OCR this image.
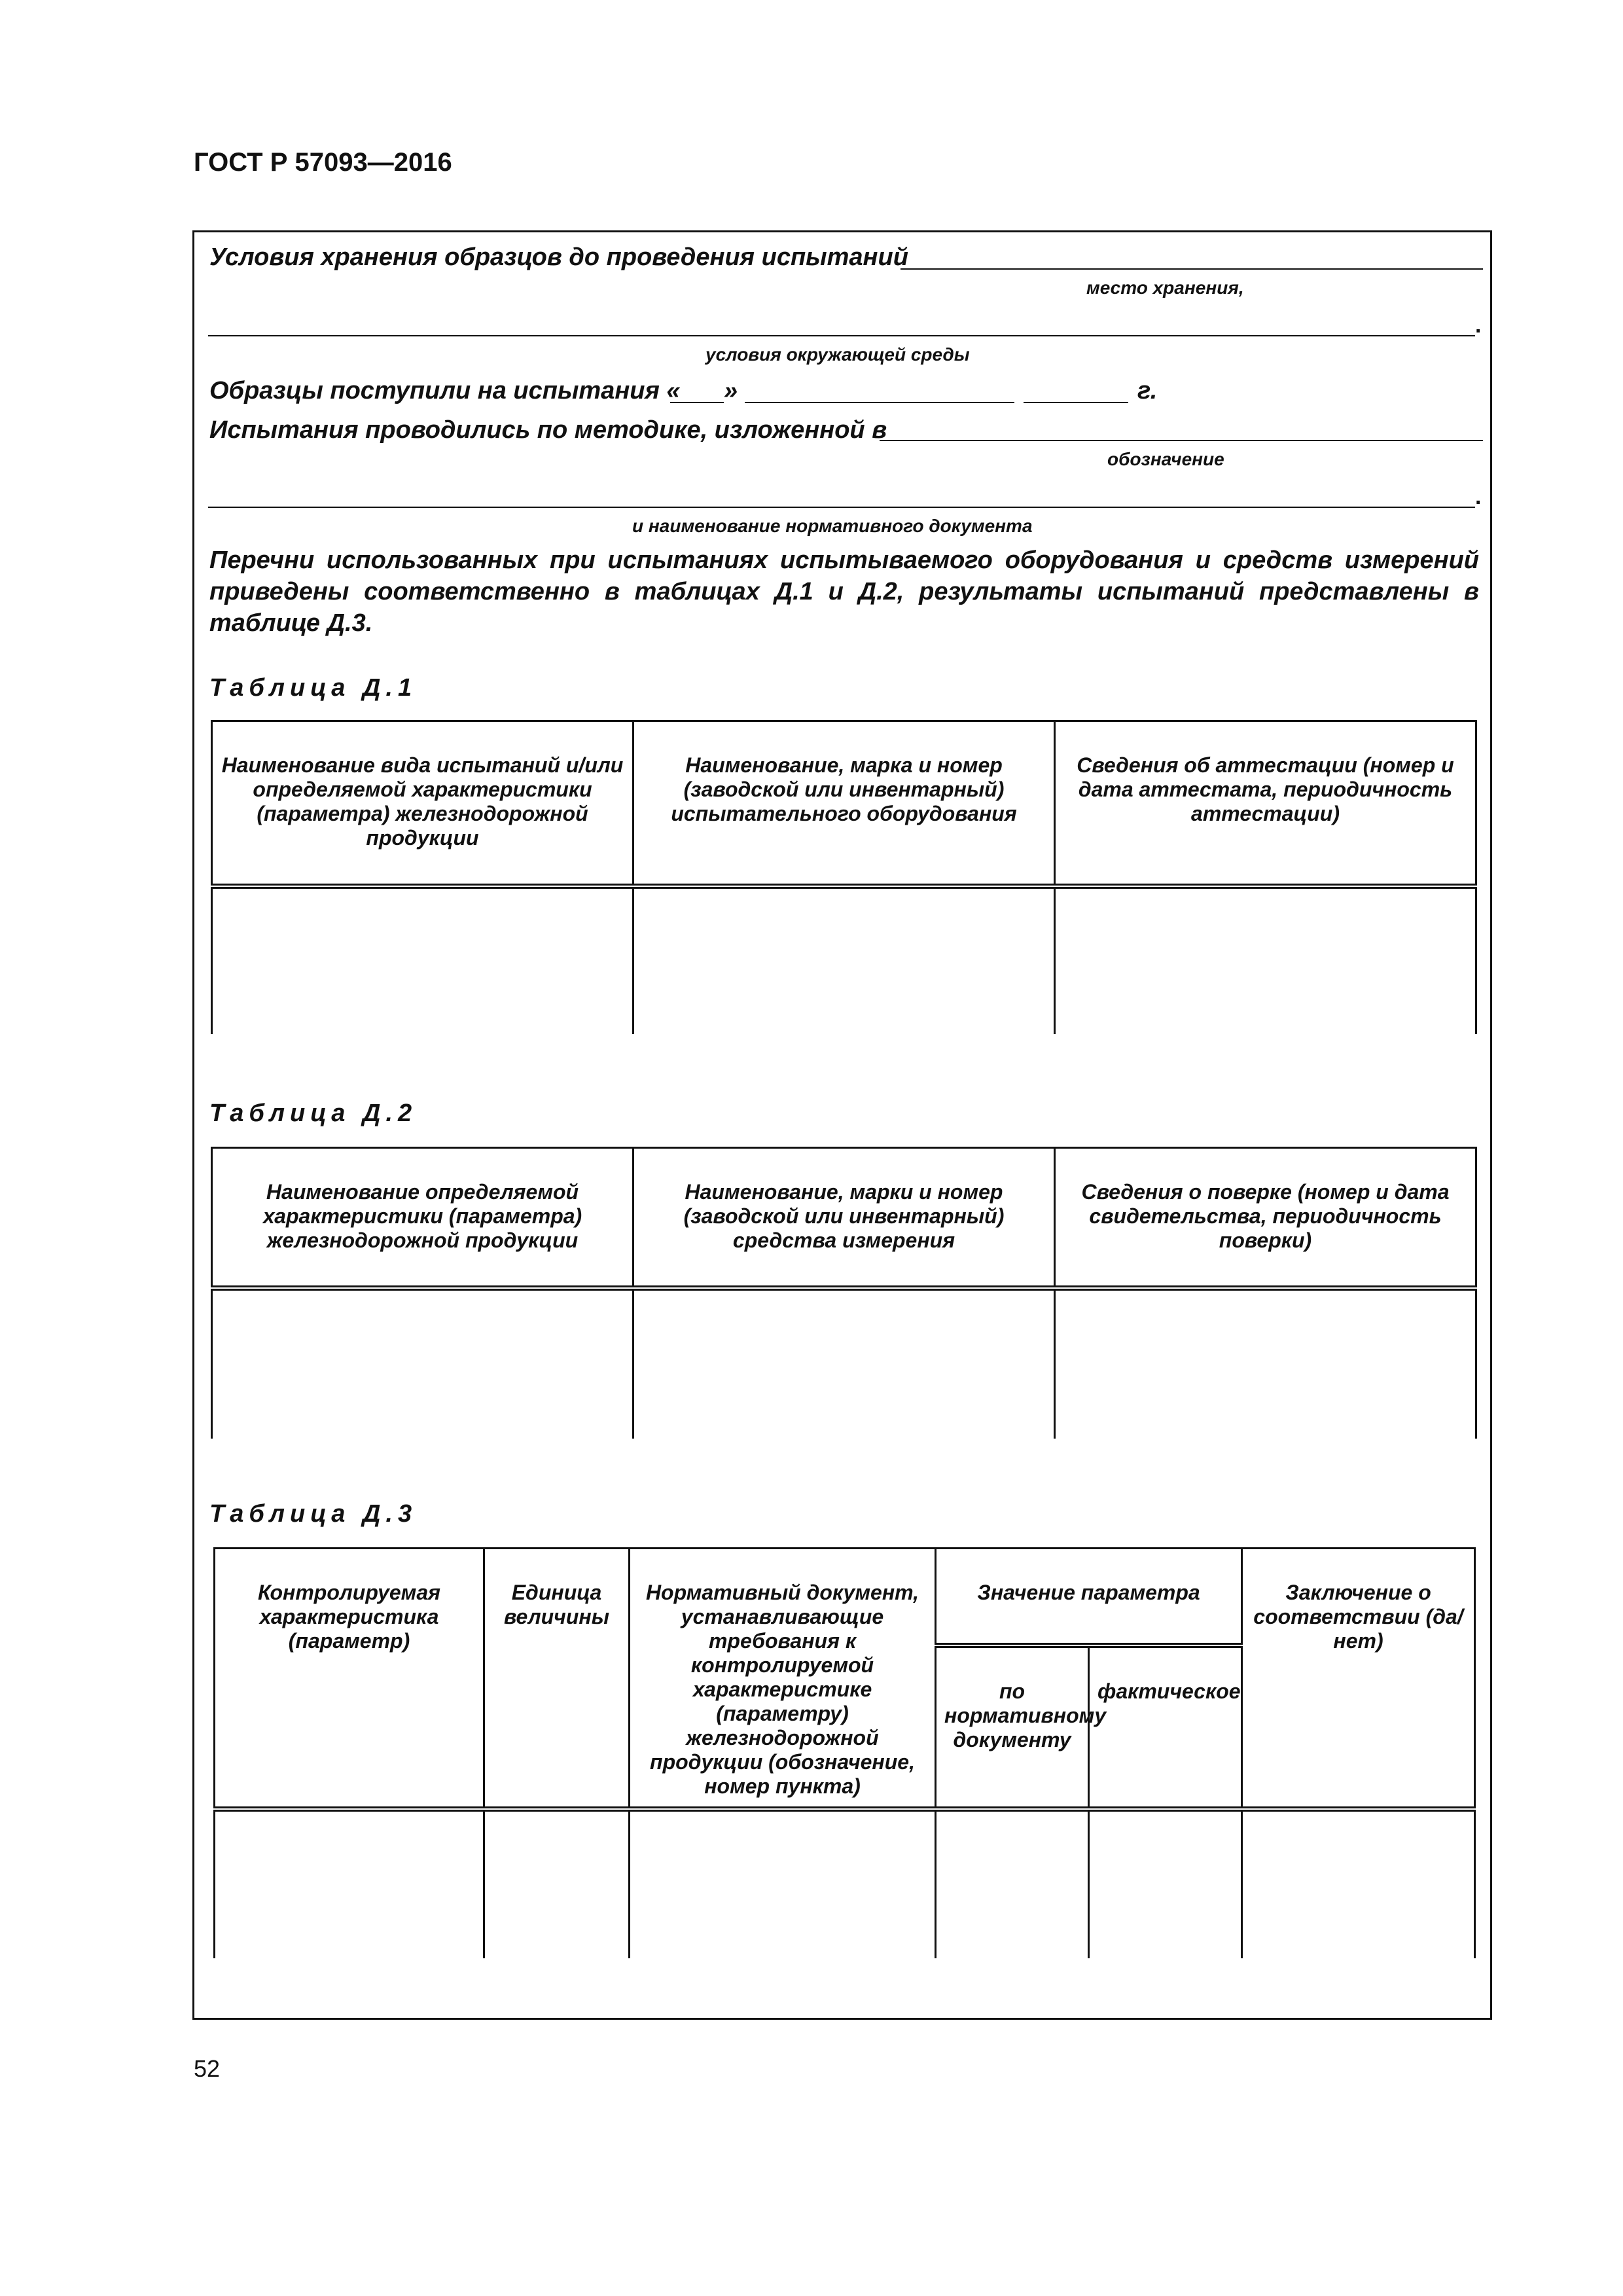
ГОСТ Р 57093—2016
Условия хранения образцов до проведения испытаний
место хранения,
.
условия окружающей среды
Образцы поступили на испытания « »	г.
Испытания проводились по методике, изложенной в
обозначение
.
и наименование нормативного документа
Перечни использованных при испытаниях испытываемого оборудования и средств измерений приведены соответственно в таблицах Д.1 и Д.2, результаты испытаний представлены в таблице Д.3.
Таблица Д.1
Наименование вида испытаний и/или определяемой характеристики (параметра) железнодорожной продукции	Наименование, марка и номер (заводской или инвентарный) испытательного оборудования	Сведения об аттестации (номер и дата аттестата, периодичность аттестации)

Таблица Д.2
Наименование определяемой характеристики (параметра) железнодорожной продукции	Наименование, марки и номер (заводской или инвентарный) средства измерения	Сведения о поверке (номер и дата свидетельства, периодичность поверки)

Таблица Д.3
Контролируемая характеристика (параметр)	Единица величины	Нормативный документ, устанавливающие требования к контролируемой характеристике (параметру) железнодорожной продукции (обозначение, номер пункта)	Значение параметра		Заключение о соответствии (да/нет)
			по нормативному документу	фактическое	

52
